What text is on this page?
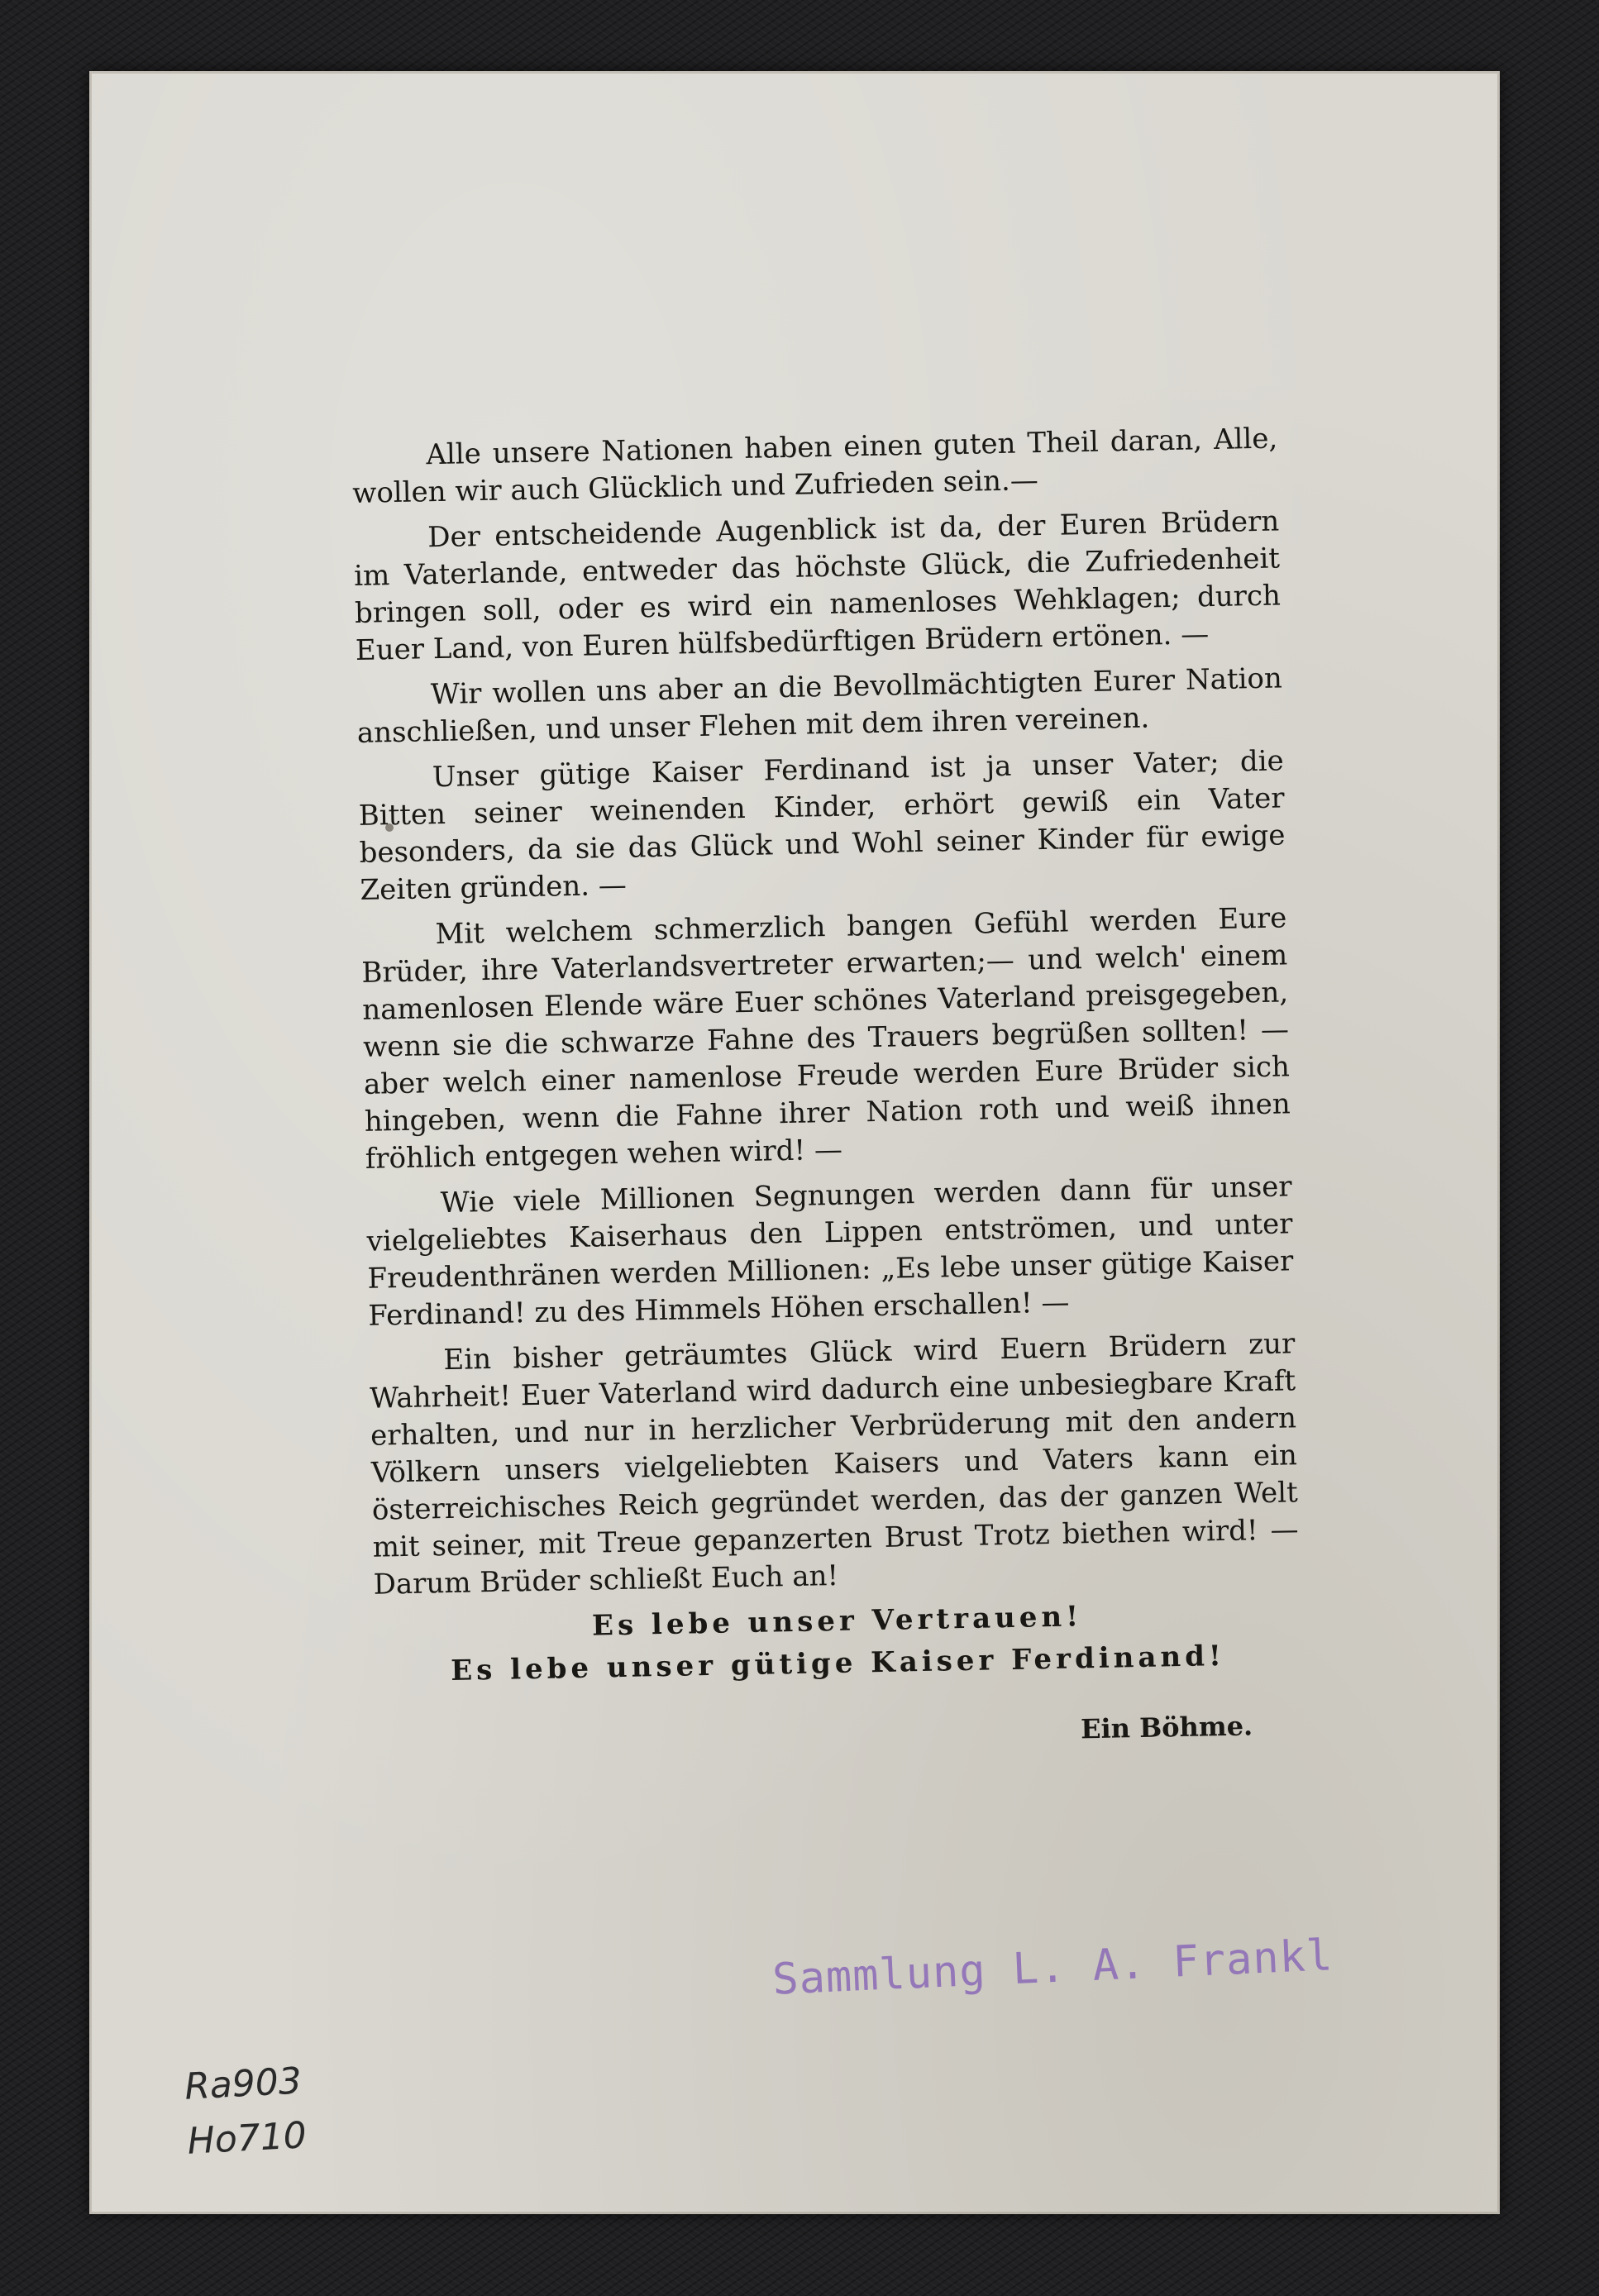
Alle unsere Nationen haben einen guten Theil daran, Alle, wollen wir auch Glücklich und Zufrieden sein.—

Der entscheidende Augenblick ist da, der Euren Brüdern im Vaterlande, entweder das höchste Glück, die Zufriedenheit bringen soll, oder es wird ein namenloses Wehklagen; durch Euer Land, von Euren hülfsbedürftigen Brüdern ertönen. —

Wir wollen uns aber an die Bevollmächtigten Eurer Nation anschließen, und unser Flehen mit dem ihren vereinen.

Unser gütige Kaiser Ferdinand ist ja unser Vater; die Bitten seiner weinenden Kinder, erhört gewiß ein Vater besonders, da sie das Glück und Wohl seiner Kinder für ewige Zeiten gründen. —

Mit welchem schmerzlich bangen Gefühl werden Eure Brüder, ihre Vaterlandsvertreter erwarten;— und welch' einem namenlosen Elende wäre Euer schönes Vaterland preisgegeben, wenn sie die schwarze Fahne des Trauers begrüßen sollten! — aber welch einer namenlose Freude werden Eure Brüder sich hingeben, wenn die Fahne ihrer Nation roth und weiß ihnen fröhlich entgegen wehen wird! —

Wie viele Millionen Segnungen werden dann für unser vielgeliebtes Kaiserhaus den Lippen entströmen, und unter Freudenthränen werden Millionen: „Es lebe unser gütige Kaiser Ferdinand! zu des Himmels Höhen erschallen! —

Ein bisher geträumtes Glück wird Euern Brüdern zur Wahrheit! Euer Vaterland wird dadurch eine unbesiegbare Kraft erhalten, und nur in herzlicher Verbrüderung mit den andern Völkern unsers vielgeliebten Kaisers und Vaters kann ein österreichisches Reich gegründet werden, das der ganzen Welt mit seiner, mit Treue gepanzerten Brust Trotz biethen wird! — Darum Brüder schließt Euch an!

Es lebe unser Vertrauen!

Es lebe unser gütige Kaiser Ferdinand!

Ein Böhme.

Sammlung L. A. Frankl
Ra903
Ho710
